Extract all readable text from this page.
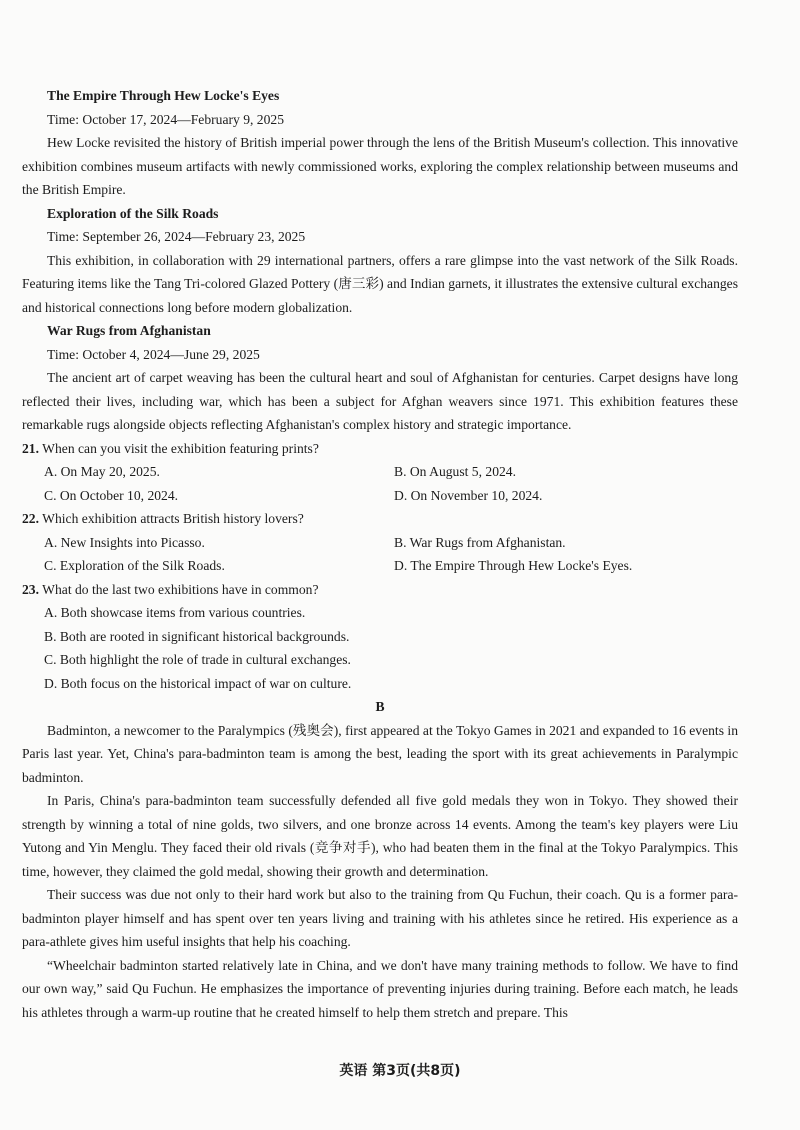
The Empire Through Hew Locke's Eyes

Time: October 17, 2024—February 9, 2025

Hew Locke revisited the history of British imperial power through the lens of the British Museum's collection. This innovative exhibition combines museum artifacts with newly commissioned works, exploring the complex relationship between museums and the British Empire.

Exploration of the Silk Roads

Time: September 26, 2024—February 23, 2025

This exhibition, in collaboration with 29 international partners, offers a rare glimpse into the vast network of the Silk Roads. Featuring items like the Tang Tri-colored Glazed Pottery (唐三彩) and Indian garnets, it illustrates the extensive cultural exchanges and historical connections long before modern globalization.

War Rugs from Afghanistan

Time: October 4, 2024—June 29, 2025

The ancient art of carpet weaving has been the cultural heart and soul of Afghanistan for centuries. Carpet designs have long reflected their lives, including war, which has been a subject for Afghan weavers since 1971. This exhibition features these remarkable rugs alongside objects reflecting Afghanistan's complex history and strategic importance.

21. When can you visit the exhibition featuring prints?

A. On May 20, 2025.	B. On August 5, 2024.
C. On October 10, 2024.	D. On November 10, 2024.

22. Which exhibition attracts British history lovers?

A. New Insights into Picasso.	B. War Rugs from Afghanistan.
C. Exploration of the Silk Roads.	D. The Empire Through Hew Locke's Eyes.

23. What do the last two exhibitions have in common?

A. Both showcase items from various countries.

B. Both are rooted in significant historical backgrounds.

C. Both highlight the role of trade in cultural exchanges.

D. Both focus on the historical impact of war on culture.

B

Badminton, a newcomer to the Paralympics (残奥会), first appeared at the Tokyo Games in 2021 and expanded to 16 events in Paris last year. Yet, China's para-badminton team is among the best, leading the sport with its great achievements in Paralympic badminton.

In Paris, China's para-badminton team successfully defended all five gold medals they won in Tokyo. They showed their strength by winning a total of nine golds, two silvers, and one bronze across 14 events. Among the team's key players were Liu Yutong and Yin Menglu. They faced their old rivals (竞争对手), who had beaten them in the final at the Tokyo Paralympics. This time, however, they claimed the gold medal, showing their growth and determination.

Their success was due not only to their hard work but also to the training from Qu Fuchun, their coach. Qu is a former para-badminton player himself and has spent over ten years living and training with his athletes since he retired. His experience as a para-athlete gives him useful insights that help his coaching.

“Wheelchair badminton started relatively late in China, and we don't have many training methods to follow. We have to find our own way,” said Qu Fuchun. He emphasizes the importance of preventing injuries during training. Before each match, he leads his athletes through a warm-up routine that he created himself to help them stretch and prepare. This

英语 第3页(共8页)
